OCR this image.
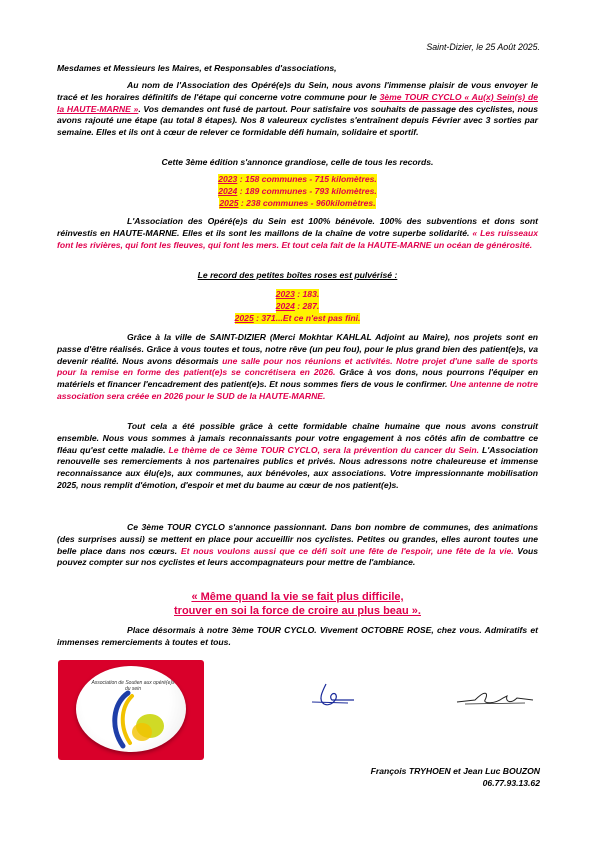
Saint-Dizier, le 25 Août 2025.
Mesdames et Messieurs les Maires, et Responsables d'associations,
Au nom de l'Association des Opéré(e)s du Sein, nous avons l'immense plaisir de vous envoyer le tracé et les horaires définitifs de l'étape qui concerne votre commune pour le 3ème TOUR CYCLO « Au(x) Sein(s) de la HAUTE-MARNE ». Vos demandes ont fusé de partout. Pour satisfaire vos souhaits de passage des cyclistes, nous avons rajouté une étape (au total 8 étapes). Nos 8 valeureux cyclistes s'entraînent depuis Février avec 3 sorties par semaine. Elles et ils ont à cœur de relever ce formidable défi humain, solidaire et sportif.
Cette 3ème édition s'annonce grandiose, celle de tous les records.
2023 : 158 communes - 715 kilomètres.
2024 : 189 communes - 793 kilomètres.
2025 : 238 communes - 960kilomètres.
L'Association des Opéré(e)s du Sein est 100% bénévole. 100% des subventions et dons sont réinvestis en HAUTE-MARNE. Elles et ils sont les maillons de la chaîne de votre superbe solidarité. « Les ruisseaux font les rivières, qui font les fleuves, qui font les mers. Et tout cela fait de la HAUTE-MARNE un océan de générosité.
Le record des petites boîtes roses est pulvérisé :
2023 : 183.
2024 : 287.
2025 : 371...Et ce n'est pas fini.
Grâce à la ville de SAINT-DIZIER (Merci Mokhtar KAHLAL Adjoint au Maire), nos projets sont en passe d'être réalisés. Grâce à vous toutes et tous, notre rêve (un peu fou), pour le plus grand bien des patient(e)s, va devenir réalité. Nous avons désormais une salle pour nos réunions et activités. Notre projet d'une salle de sports pour la remise en forme des patient(e)s se concrétisera en 2026. Grâce à vos dons, nous pourrons l'équiper en matériels et financer l'encadrement des patient(e)s. Et nous sommes fiers de vous le confirmer. Une antenne de notre association sera créée en 2026 pour le SUD de la HAUTE-MARNE.
Tout cela a été possible grâce à cette formidable chaîne humaine que nous avons construit ensemble. Nous vous sommes à jamais reconnaissants pour votre engagement à nos côtés afin de combattre ce fléau qu'est cette maladie. Le thème de ce 3ème TOUR CYCLO, sera la prévention du cancer du Sein. L'Association renouvelle ses remerciements à nos partenaires publics et privés. Nous adressons notre chaleureuse et immense reconnaissance aux élu(e)s, aux communes, aux bénévoles, aux associations. Votre impressionnante mobilisation 2025, nous remplit d'émotion, d'espoir et met du baume au cœur de nos patient(e)s.
Ce 3ème TOUR CYCLO s'annonce passionnant. Dans bon nombre de communes, des animations (des surprises aussi) se mettent en place pour accueillir nos cyclistes. Petites ou grandes, elles auront toutes une belle place dans nos cœurs. Et nous voulons aussi que ce défi soit une fête de l'espoir, une fête de la vie. Vous pouvez compter sur nos cyclistes et leurs accompagnateurs pour mettre de l'ambiance.
« Même quand la vie se fait plus difficile,
trouver en soi la force de croire au plus beau ».
Place désormais à notre 3ème TOUR CYCLO. Vivement OCTOBRE ROSE, chez vous. Admiratifs et immenses remerciements à toutes et tous.
Association de Soutien aux opéré(e)s du sein
François TRYHOEN et Jean Luc BOUZON
06.77.93.13.62
